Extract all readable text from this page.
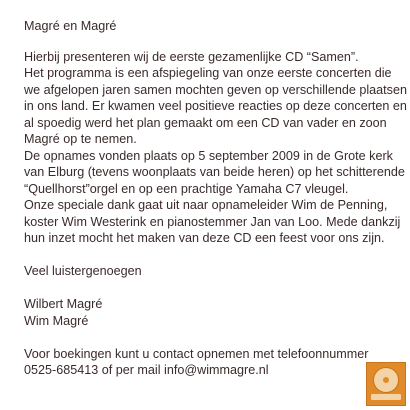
Magré en Magré
Hierbij presenteren wij de eerste gezamenlijke CD “Samen”.
Het programma is een afspiegeling van onze eerste concerten die
we afgelopen jaren samen mochten geven op verschillende plaatsen
in ons land. Er kwamen veel positieve reacties op deze concerten en
al spoedig werd het plan gemaakt om een CD van vader en zoon
Magré op te nemen.
De opnames vonden plaats op 5 september 2009 in de Grote kerk
van Elburg (tevens woonplaats van beide heren) op het schitterende
“Quellhorst”orgel en op een prachtige Yamaha C7 vleugel.
Onze speciale dank gaat uit naar opnameleider Wim de Penning,
koster Wim Westerink en pianostemmer Jan van Loo. Mede dankzij
hun inzet mocht het maken van deze CD een feest voor ons zijn.
Veel luistergenoegen
Wilbert Magré
Wim Magré
Voor boekingen kunt u contact opnemen met telefoonnummer
0525-685413 of per mail info@wimmagre.nl
